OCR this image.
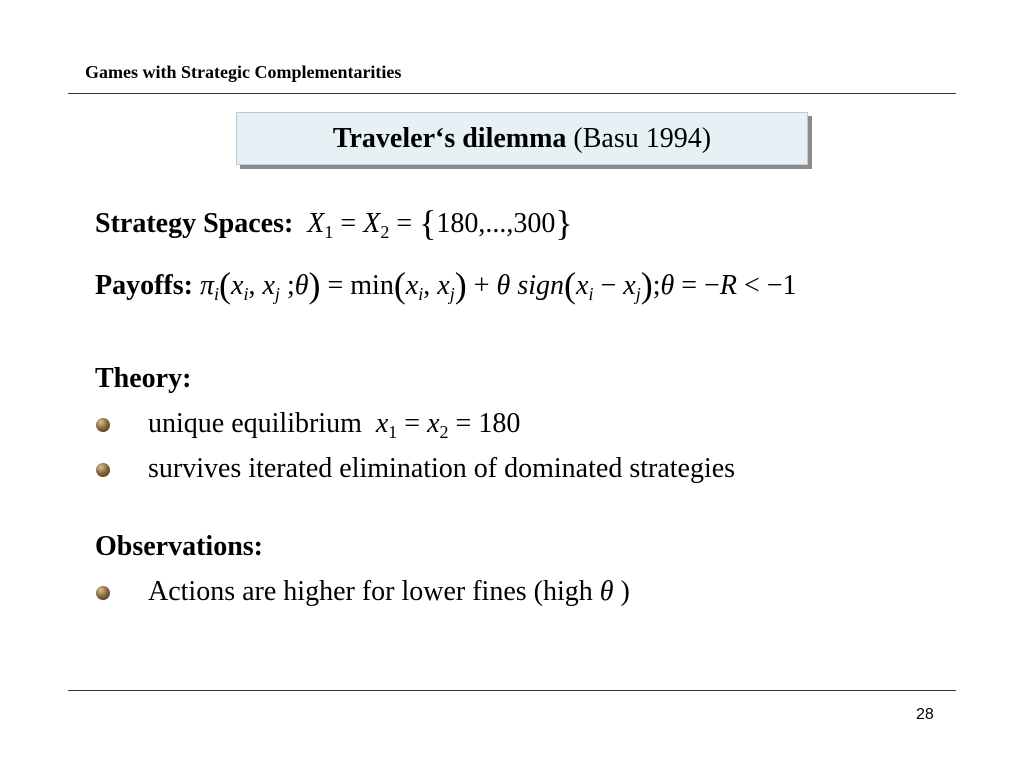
Games with Strategic Complementarities
Traveler‘s dilemma
(Basu 1994)
Strategy Spaces: $X_1 = X_2 = \{180,...,300\}$
Payoffs: $\pi_i(x_i$, $x_j$ ;θ) = $\min(x_i$, $x_j) + \theta$ $sign(x_i$ − $x_j);\theta = -R < -1$
Theory:
unique equilibrium $x_1 = x_2 = 180$
survives iterated elimination of dominated strategies
Observations:
Actions are higher for lower fines (high θ )
28
